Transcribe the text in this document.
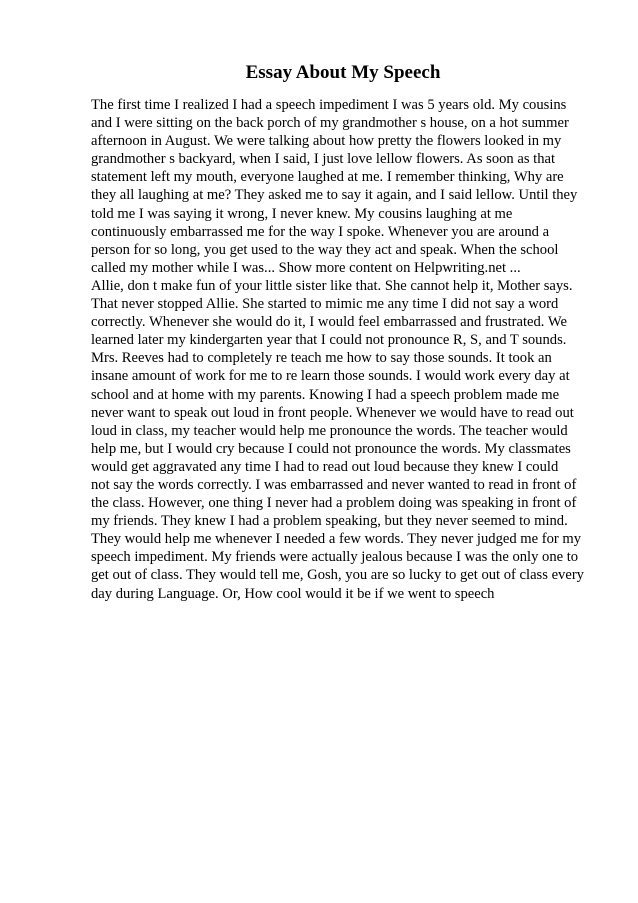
Essay About My Speech
The first time I realized I had a speech impediment I was 5 years old. My cousins
and I were sitting on the back porch of my grandmother s house, on a hot summer
afternoon in August. We were talking about how pretty the flowers looked in my
grandmother s backyard, when I said, I just love lellow flowers. As soon as that
statement left my mouth, everyone laughed at me. I remember thinking, Why are
they all laughing at me? They asked me to say it again, and I said lellow. Until they
told me I was saying it wrong, I never knew. My cousins laughing at me
continuously embarrassed me for the way I spoke. Whenever you are around a
person for so long, you get used to the way they act and speak. When the school
called my mother while I was... Show more content on Helpwriting.net ...
Allie, don t make fun of your little sister like that. She cannot help it, Mother says.
That never stopped Allie. She started to mimic me any time I did not say a word
correctly. Whenever she would do it, I would feel embarrassed and frustrated. We
learned later my kindergarten year that I could not pronounce R, S, and T sounds.
Mrs. Reeves had to completely re teach me how to say those sounds. It took an
insane amount of work for me to re learn those sounds. I would work every day at
school and at home with my parents. Knowing I had a speech problem made me
never want to speak out loud in front people. Whenever we would have to read out
loud in class, my teacher would help me pronounce the words. The teacher would
help me, but I would cry because I could not pronounce the words. My classmates
would get aggravated any time I had to read out loud because they knew I could
not say the words correctly. I was embarrassed and never wanted to read in front of
the class. However, one thing I never had a problem doing was speaking in front of
my friends. They knew I had a problem speaking, but they never seemed to mind.
They would help me whenever I needed a few words. They never judged me for my
speech impediment. My friends were actually jealous because I was the only one to
get out of class. They would tell me, Gosh, you are so lucky to get out of class every
day during Language. Or, How cool would it be if we went to speech
